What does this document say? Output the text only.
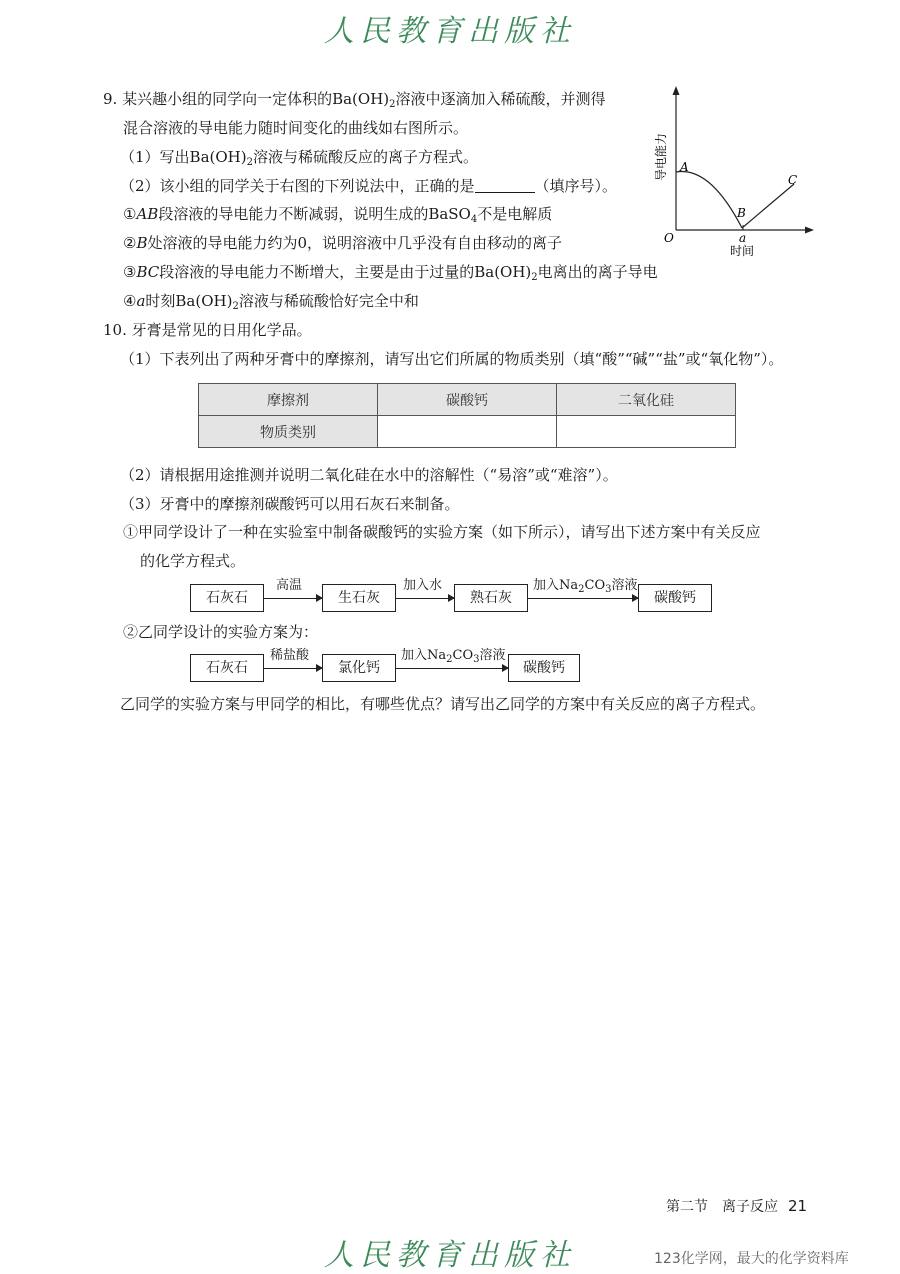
人民教育出版社
9. 某兴趣小组的同学向一定体积的$Ba(OH)_2$溶液中逐滴加入稀硫酸，并测得
混合溶液的导电能力随时间变化的曲线如右图所示。
（1）写出$Ba(OH)_2$溶液与稀硫酸反应的离子方程式。
（2）该小组的同学关于右图的下列说法中，正确的是	（填序号）。
①AB段溶液的导电能力不断减弱，说明生成的BaSO$_4$不是电解质
②B处溶液的导电能力约为0，说明溶液中几乎没有自由移动的离子
③BC段溶液的导电能力不断增大，主要是由于过量的$Ba(OH)_2$电离出的离子导电
④a时刻$Ba(OH)_2$溶液与稀硫酸恰好完全中和
A
B
C
O	a
时间
导电能力
10. 牙膏是常见的日用化学品。
（1）下表列出了两种牙膏中的摩擦剂，请写出它们所属的物质类别（填“酸”“碱”“盐”或“氧化物”）。
摩擦剂	碳酸钙	二氧化硅
物质类别		
（2）请根据用途推测并说明二氧化硅在水中的溶解性（“易溶”或“难溶”）。
（3）牙膏中的摩擦剂碳酸钙可以用石灰石来制备。
①甲同学设计了一种在实验室中制备碳酸钙的实验方案（如下所示），请写出下述方案中有关反应
的化学方程式。
石灰石
高温
生石灰
加入水
熟石灰
加入$Na_2CO_3$溶液
碳酸钙
②乙同学设计的实验方案为：
石灰石
稀盐酸
氯化钙
加入$Na_2CO_3$溶液
碳酸钙
乙同学的实验方案与甲同学的相比，有哪些优点？请写出乙同学的方案中有关反应的离子方程式。
第二节　离子反应 21
人民教育出版社	123化学网，最大的化学资料库
